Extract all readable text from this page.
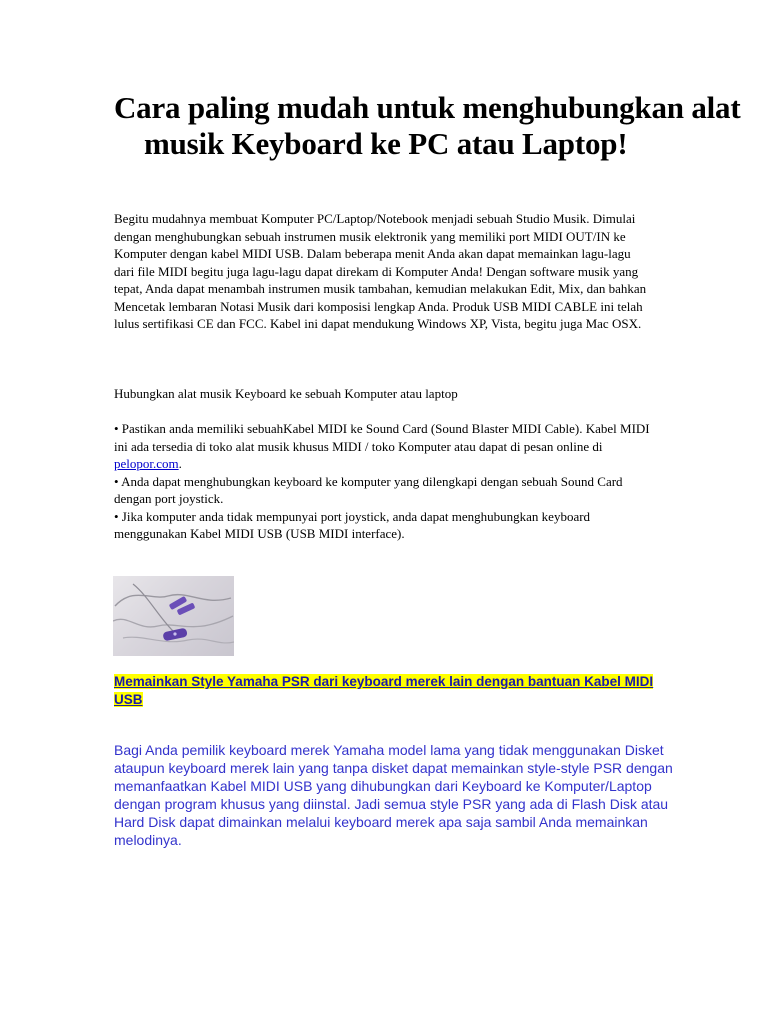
Cara paling mudah untuk menghubungkan alat musik Keyboard ke PC atau Laptop!

Begitu mudahnya membuat Komputer PC/Laptop/Notebook menjadi sebuah Studio Musik. Dimulai dengan menghubungkan sebuah instrumen musik elektronik yang memiliki port MIDI OUT/IN ke Komputer dengan kabel MIDI USB. Dalam beberapa menit Anda akan dapat memainkan lagu-lagu dari file MIDI begitu juga lagu-lagu dapat direkam di Komputer Anda! Dengan software musik yang tepat, Anda dapat menambah instrumen musik tambahan, kemudian melakukan Edit, Mix, dan bahkan Mencetak lembaran Notasi Musik dari komposisi lengkap Anda. Produk USB MIDI CABLE ini telah lulus sertifikasi CE dan FCC. Kabel ini dapat mendukung Windows XP, Vista, begitu juga Mac OSX.

Hubungkan alat musik Keyboard ke sebuah Komputer atau laptop

• Pastikan anda memiliki sebuahKabel MIDI ke Sound Card (Sound Blaster MIDI Cable). Kabel MIDI ini ada tersedia di toko alat musik khusus MIDI / toko Komputer atau dapat di pesan online di pelopor.com.
• Anda dapat menghubungkan keyboard ke komputer yang dilengkapi dengan sebuah Sound Card dengan port joystick.
• Jika komputer anda tidak mempunyai port joystick, anda dapat menghubungkan keyboard menggunakan Kabel MIDI USB (USB MIDI interface).

Memainkan Style Yamaha PSR dari keyboard merek lain dengan bantuan Kabel MIDI USB

Bagi Anda pemilik keyboard merek Yamaha model lama yang tidak menggunakan Disket ataupun keyboard merek lain yang tanpa disket dapat memainkan style-style PSR dengan memanfaatkan Kabel MIDI USB yang dihubungkan dari Keyboard ke Komputer/Laptop dengan program khusus yang diinstal. Jadi semua style PSR yang ada di Flash Disk atau Hard Disk dapat dimainkan melalui keyboard merek apa saja sambil Anda memainkan melodinya.
